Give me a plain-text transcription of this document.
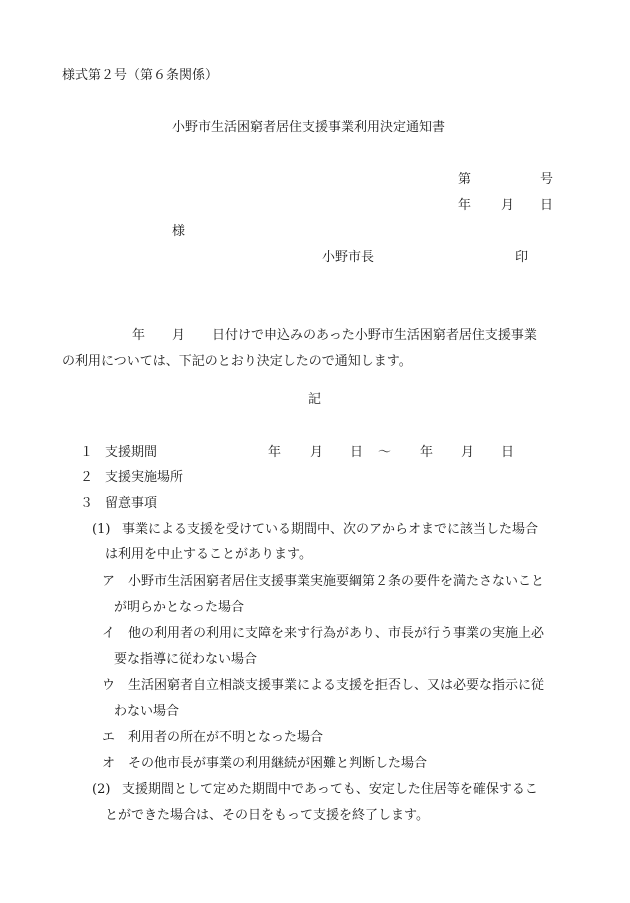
様式第２号（第６条関係）
小野市生活困窮者居住支援事業利用決定通知書
第	号
年 月 日
様
小野市長	印
年 月 日付けで申込みのあった小野市生活困窮者居住支援事業
の利用については、下記のとおり決定したので通知します。
記
１ 支援期間	年 月 日 ～ 年 月 日
２ 支援実施場所
３ 留意事項
(1) 事業による支援を受けている期間中、次のアからオまでに該当した場合
は利用を中止することがあります。
ア 小野市生活困窮者居住支援事業実施要綱第２条の要件を満たさないこと
が明らかとなった場合
イ 他の利用者の利用に支障を来す行為があり、市長が行う事業の実施上必
要な指導に従わない場合
ウ 生活困窮者自立相談支援事業による支援を拒否し、又は必要な指示に従
わない場合
エ 利用者の所在が不明となった場合
オ その他市長が事業の利用継続が困難と判断した場合
(2) 支援期間として定めた期間中であっても、安定した住居等を確保するこ
とができた場合は、その日をもって支援を終了します。
